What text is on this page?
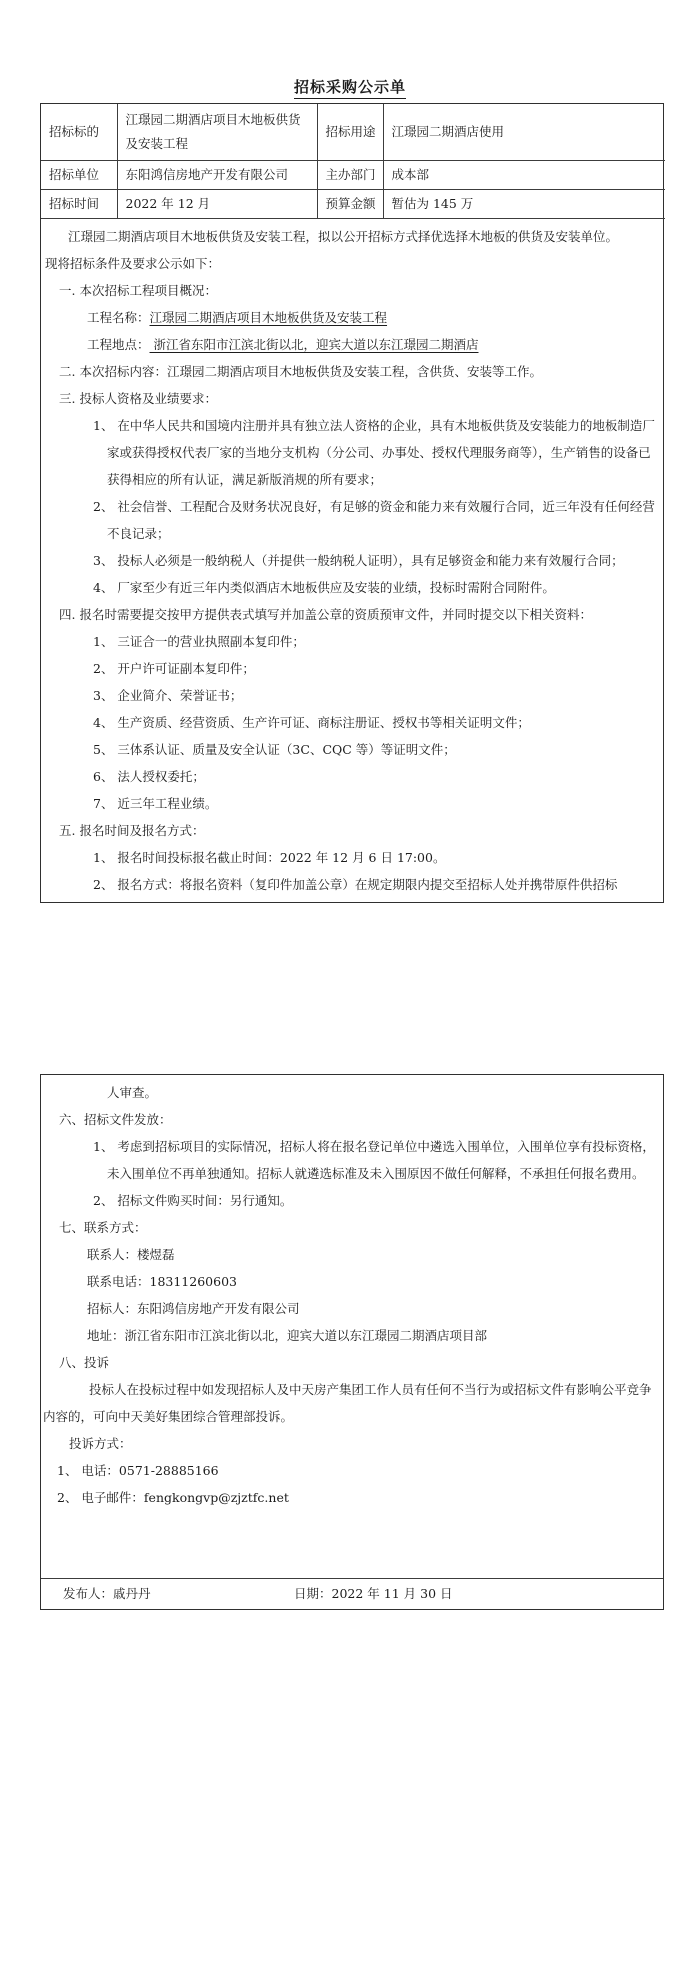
招标采购公示单
招标标的	江璟园二期酒店项目木地板供货及安装工程	招标用途	江璟园二期酒店使用
招标单位	东阳鸿信房地产开发有限公司	主办部门	成本部
招标时间	2022 年 12 月	预算金额	暂估为 145 万
江璟园二期酒店项目木地板供货及安装工程，拟以公开招标方式择优选择木地板的供货及安装单位。
现将招标条件及要求公示如下：
一. 本次招标工程项目概况：
工程名称：江璟园二期酒店项目木地板供货及安装工程
工程地点： 浙江省东阳市江滨北街以北，迎宾大道以东江璟园二期酒店
二. 本次招标内容：江璟园二期酒店项目木地板供货及安装工程，含供货、安装等工作。
三. 投标人资格及业绩要求：
1、 在中华人民共和国境内注册并具有独立法人资格的企业，具有木地板供货及安装能力的地板制造厂家或获得授权代表厂家的当地分支机构（分公司、办事处、授权代理服务商等），生产销售的设备已获得相应的所有认证，满足新版消规的所有要求；
2、 社会信誉、工程配合及财务状况良好，有足够的资金和能力来有效履行合同，近三年没有任何经营不良记录；
3、 投标人必须是一般纳税人（并提供一般纳税人证明），具有足够资金和能力来有效履行合同；
4、 厂家至少有近三年内类似酒店木地板供应及安装的业绩，投标时需附合同附件。
四. 报名时需要提交按甲方提供表式填写并加盖公章的资质预审文件，并同时提交以下相关资料：
1、 三证合一的营业执照副本复印件；
2、 开户许可证副本复印件；
3、 企业简介、荣誉证书；
4、 生产资质、经营资质、生产许可证、商标注册证、授权书等相关证明文件；
5、 三体系认证、质量及安全认证（3C、CQC 等）等证明文件；
6、 法人授权委托；
7、 近三年工程业绩。
五. 报名时间及报名方式：
1、 报名时间投标报名截止时间：2022 年 12 月 6 日 17:00。
2、 报名方式：将报名资料（复印件加盖公章）在规定期限内提交至招标人处并携带原件供招标
人审查。
六、招标文件发放：
1、 考虑到招标项目的实际情况，招标人将在报名登记单位中遴选入围单位，入围单位享有投标资格，未入围单位不再单独通知。招标人就遴选标准及未入围原因不做任何解释，不承担任何报名费用。
2、 招标文件购买时间：另行通知。
七、联系方式：
联系人：楼煜磊
联系电话：18311260603
招标人：东阳鸿信房地产开发有限公司
地址：浙江省东阳市江滨北街以北，迎宾大道以东江璟园二期酒店项目部
八、投诉
投标人在投标过程中如发现招标人及中天房产集团工作人员有任何不当行为或招标文件有影响公平竞争内容的，可向中天美好集团综合管理部投诉。
投诉方式：
1、 电话：0571-28885166
2、 电子邮件：fengkongvp@zjztfc.net
发布人：戚丹丹	日期：2022 年 11 月 30 日
